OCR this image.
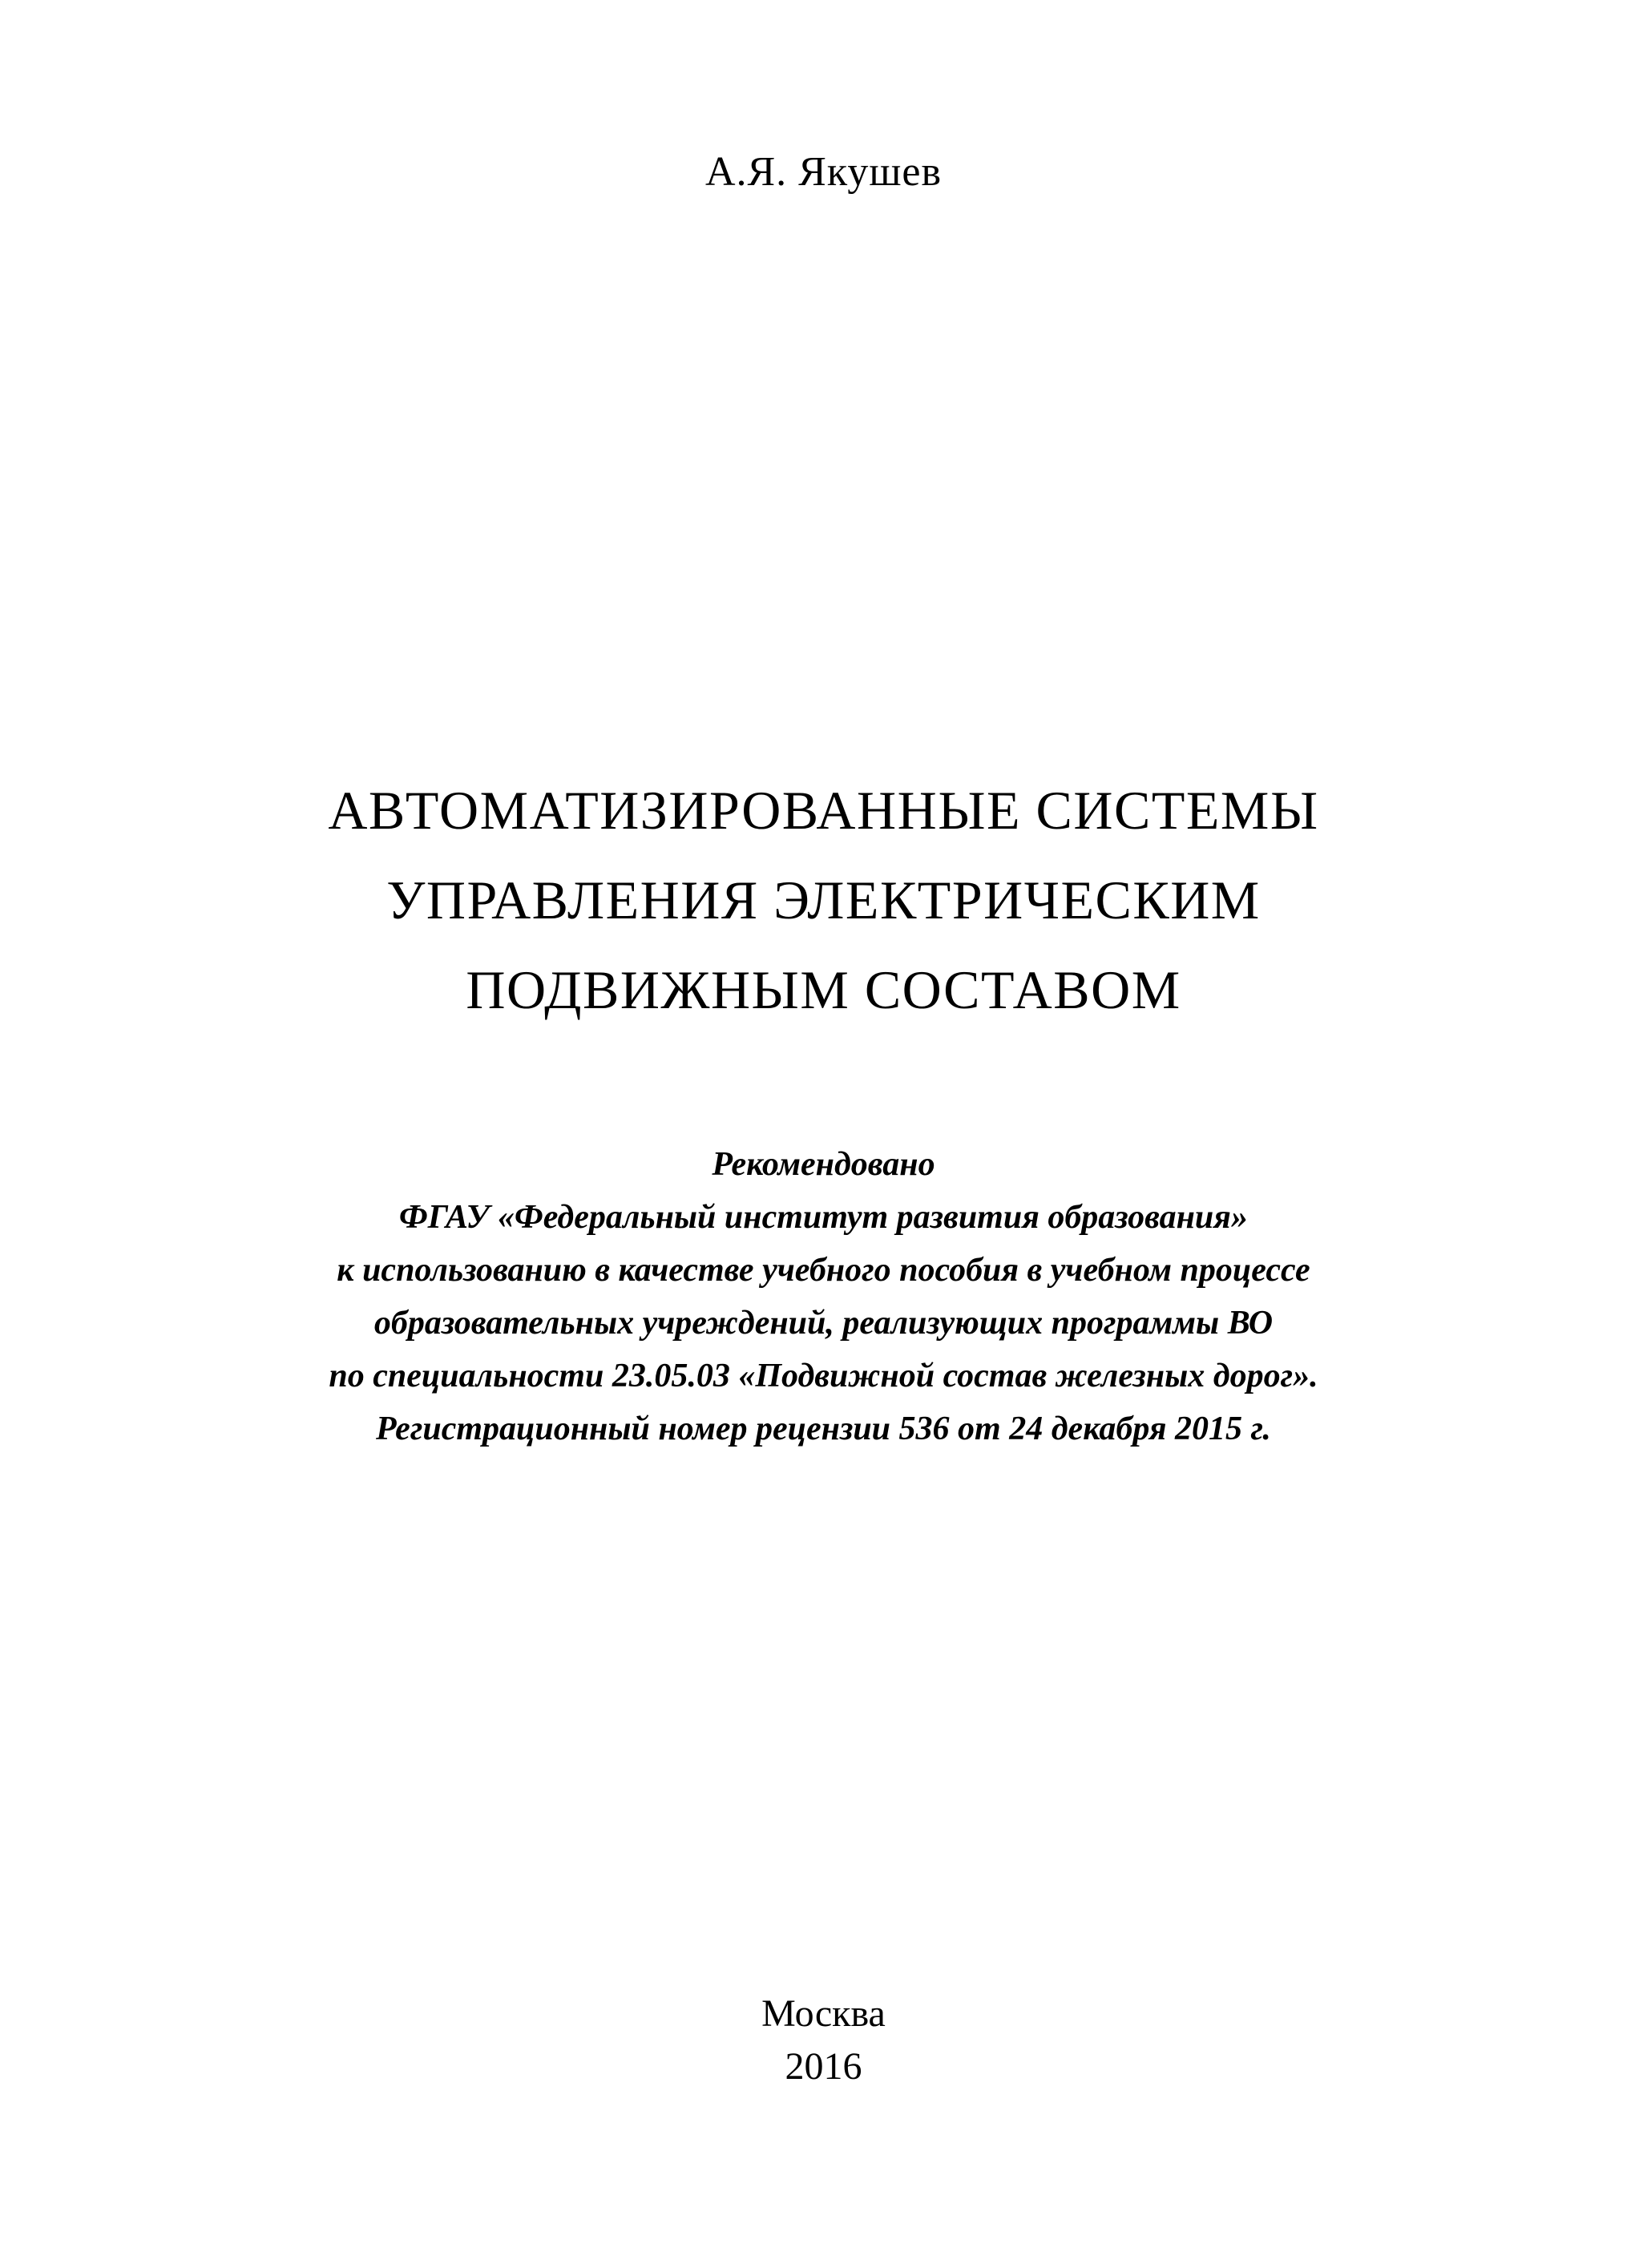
А.Я. Якушев
АВТОМАТИЗИРОВАННЫЕ СИСТЕМЫ
УПРАВЛЕНИЯ ЭЛЕКТРИЧЕСКИМ
ПОДВИЖНЫМ СОСТАВОМ
Рекомендовано
ФГАУ «Федеральный институт развития образования»
к использованию в качестве учебного пособия в учебном процессе
образовательных учреждений, реализующих программы ВО
по специальности 23.05.03 «Подвижной состав железных дорог».
Регистрационный номер рецензии 536 от 24 декабря 2015 г.
Москва
2016
